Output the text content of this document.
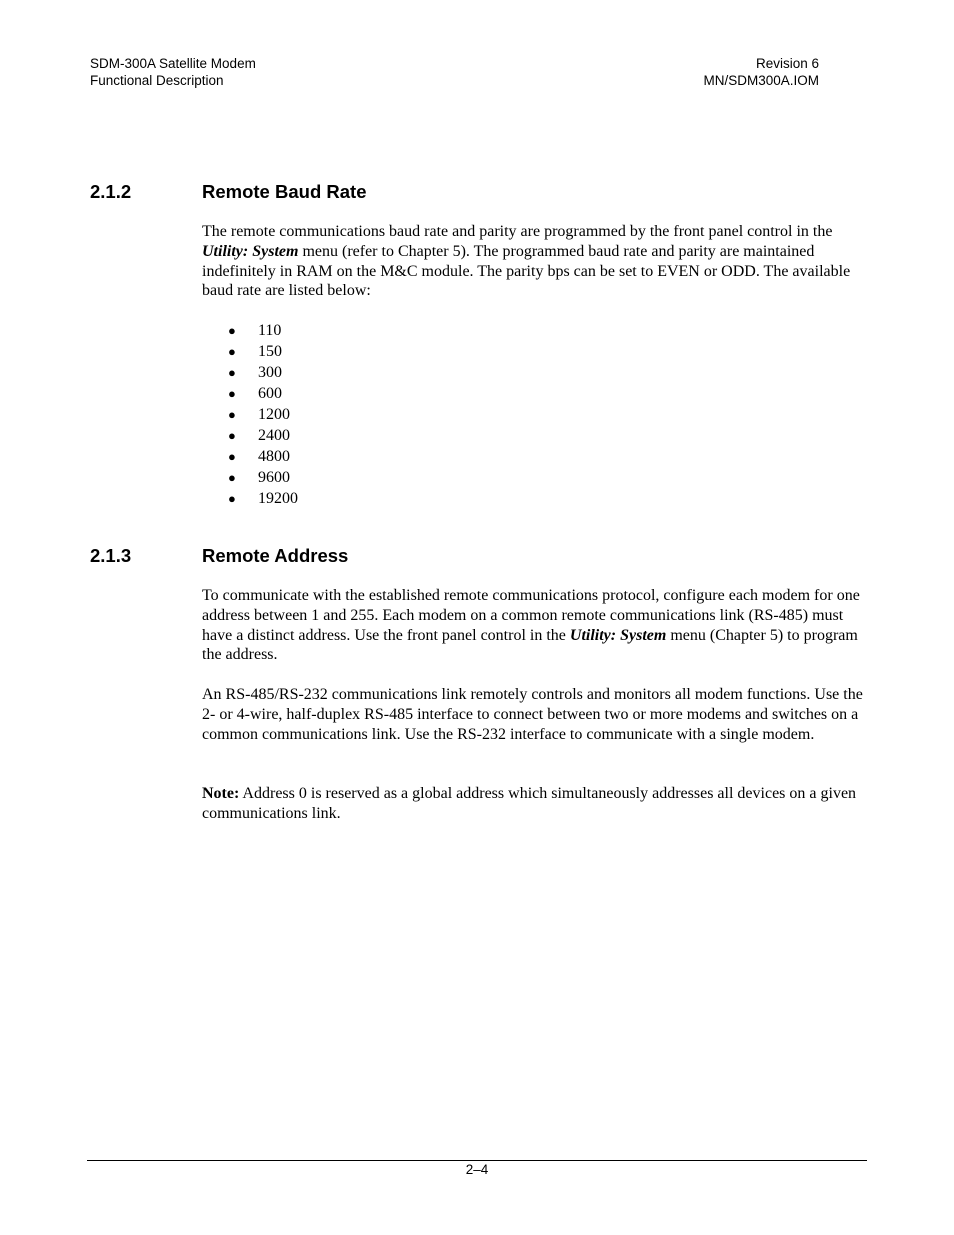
SDM-300A Satellite Modem
Functional Description
Revision 6
MN/SDM300A.IOM
2.1.2	Remote Baud Rate

The remote communications baud rate and parity are programmed by the front panel control in the Utility: System menu (refer to Chapter 5). The programmed baud rate and parity are maintained indefinitely in RAM on the M&C module. The parity bps can be set to EVEN or ODD. The available baud rate are listed below:

● 110
● 150
● 300
● 600
● 1200
● 2400
● 4800
● 9600
● 19200
2.1.3	Remote Address

To communicate with the established remote communications protocol, configure each modem for one address between 1 and 255. Each modem on a common remote communications link (RS-485) must have a distinct address. Use the front panel control in the Utility: System menu (Chapter 5) to program the address.

An RS-485/RS-232 communications link remotely controls and monitors all modem functions. Use the 2- or 4-wire, half-duplex RS-485 interface to connect between two or more modems and switches on a common communications link. Use the RS-232 interface to communicate with a single modem.

Note: Address 0 is reserved as a global address which simultaneously addresses all devices on a given communications link.

2–4
